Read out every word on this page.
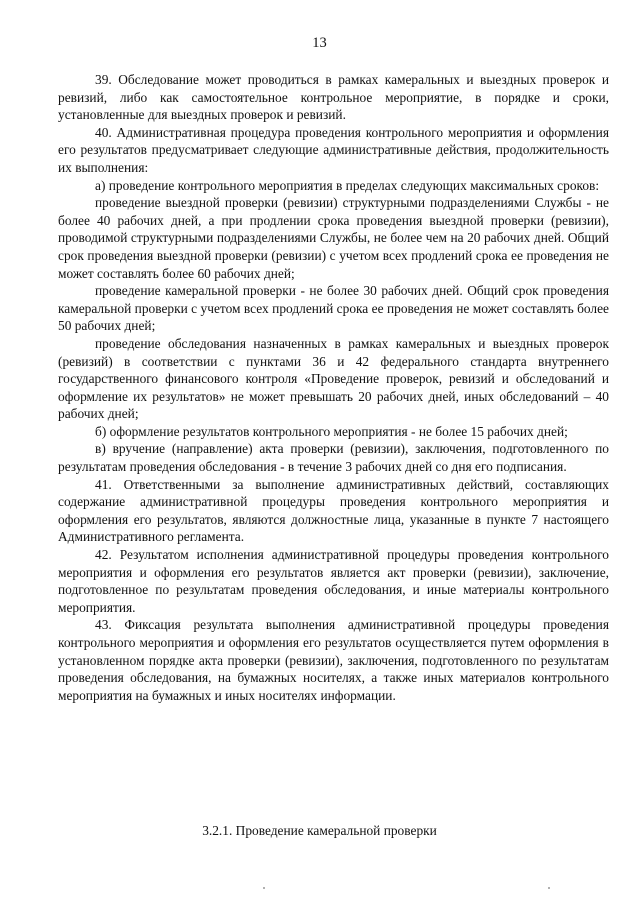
13

39. Обследование может проводиться в рамках камеральных и выездных проверок и ревизий, либо как самостоятельное контрольное мероприятие, в порядке и сроки, установленные для выездных проверок и ревизий.

40. Административная процедура проведения контрольного мероприятия и оформления его результатов предусматривает следующие административные действия, продолжительность их выполнения:

а) проведение контрольного мероприятия в пределах следующих максимальных сроков:

проведение выездной проверки (ревизии) структурными подразделениями Службы - не более 40 рабочих дней, а при продлении срока проведения выездной проверки (ревизии), проводимой структурными подразделениями Службы, не более чем на 20 рабочих дней. Общий срок проведения выездной проверки (ревизии) с учетом всех продлений срока ее проведения не может составлять более 60 рабочих дней;

проведение камеральной проверки - не более 30 рабочих дней. Общий срок проведения камеральной проверки с учетом всех продлений срока ее проведения не может составлять более 50 рабочих дней;

проведение обследования назначенных в рамках камеральных и выездных проверок (ревизий) в соответствии с пунктами 36 и 42 федерального стандарта внутреннего государственного финансового контроля «Проведение проверок, ревизий и обследований и оформление их результатов» не может превышать 20 рабочих дней, иных обследований – 40 рабочих дней;

б) оформление результатов контрольного мероприятия - не более 15 рабочих дней;

в) вручение (направление) акта проверки (ревизии), заключения, подготовленного по результатам проведения обследования - в течение 3 рабочих дней со дня его подписания.

41. Ответственными за выполнение административных действий, составляющих содержание административной процедуры проведения контрольного мероприятия и оформления его результатов, являются должностные лица, указанные в пункте 7 настоящего Административного регламента.

42. Результатом исполнения административной процедуры проведения контрольного мероприятия и оформления его результатов является акт проверки (ревизии), заключение, подготовленное по результатам проведения обследования, и иные материалы контрольного мероприятия.

43. Фиксация результата выполнения административной процедуры проведения контрольного мероприятия и оформления его результатов осуществляется путем оформления в установленном порядке акта проверки (ревизии), заключения, подготовленного по результатам проведения обследования, на бумажных носителях, а также иных материалов контрольного мероприятия на бумажных и иных носителях информации.

3.2.1. Проведение камеральной проверки
